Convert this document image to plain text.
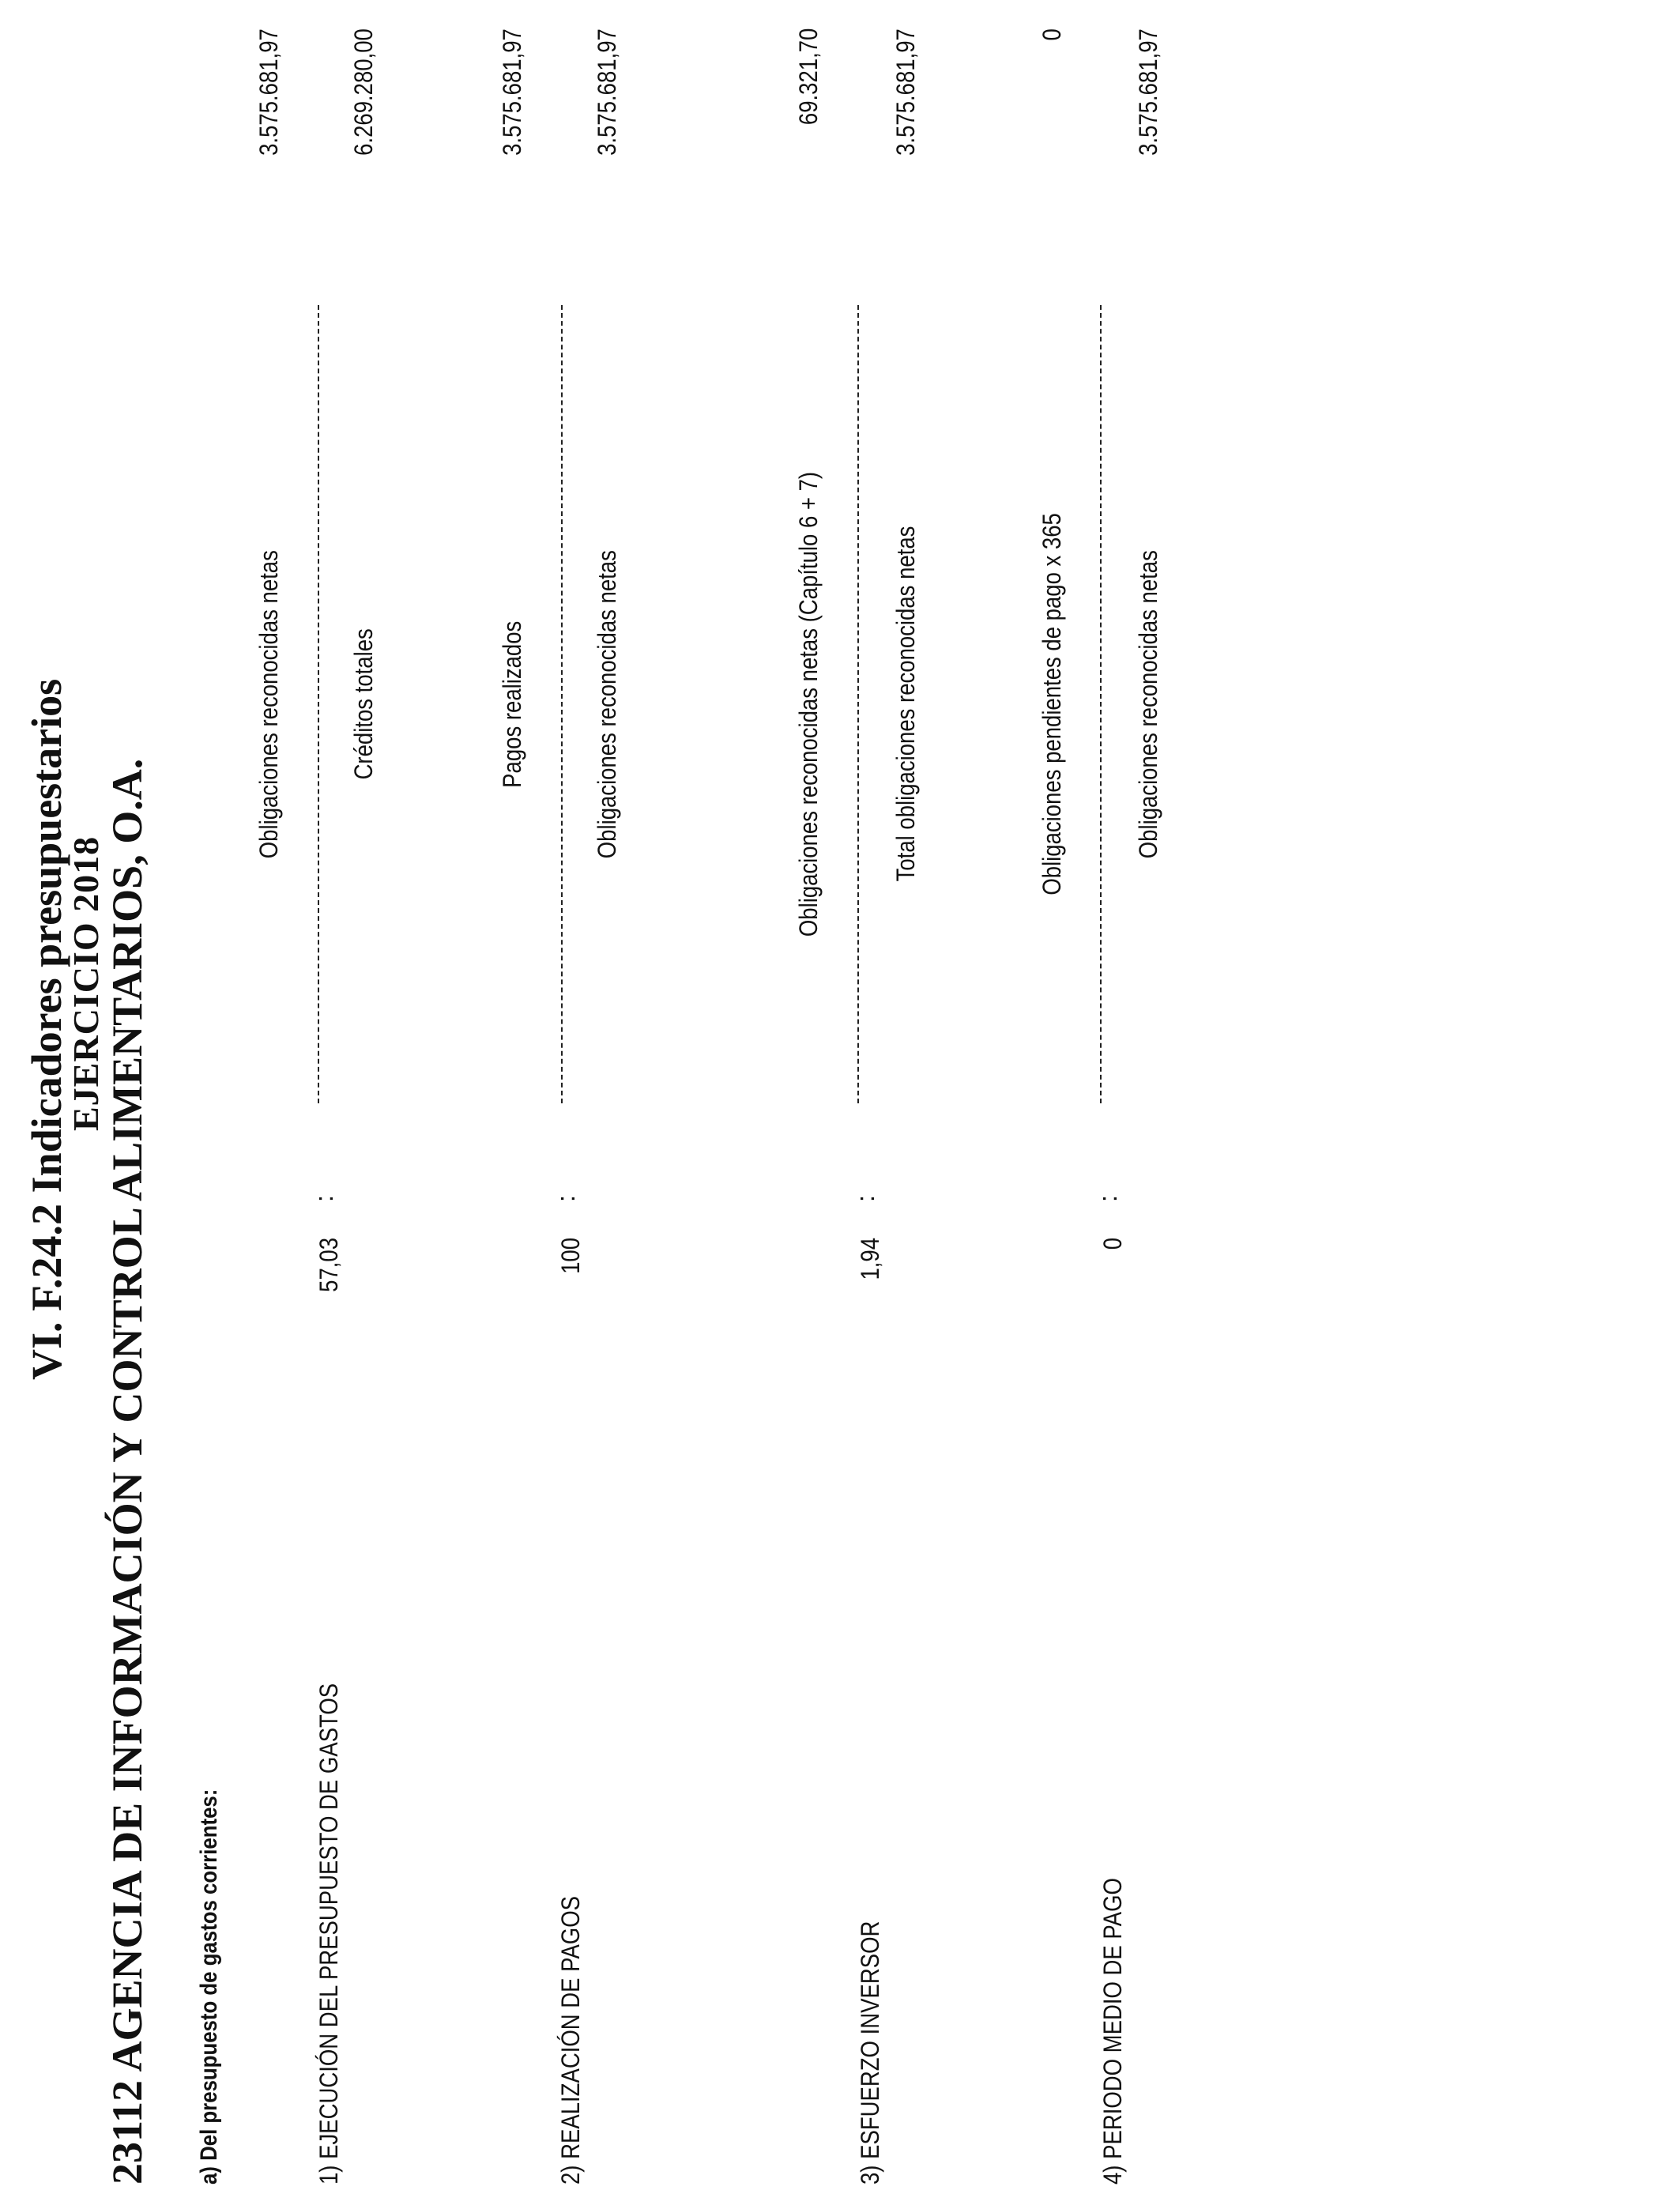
VI. F.24.2 Indicadores presupuestarios
EJERCICIO 2018
23112 AGENCIA DE INFORMACIÓN Y CONTROL ALIMENTARIOS, O.A. a) Del presupuesto de gastos corrientes:	1) EJECUCIÓN DEL PRESUPUESTO DE GASTOS
57,03
:
Obligaciones reconocidas netas	Créditos totales
3.575.681,97	6.269.280,00
2) REALIZACIÓN DE PAGOS
100
:
Pagos realizados	Obligaciones reconocidas netas
3.575.681,97	3.575.681,97
3) ESFUERZO INVERSOR
1,94
:
Obligaciones reconocidas netas (Capítulo 6 + 7)	Total obligaciones reconocidas netas
69.321,70	3.575.681,97
4) PERIODO MEDIO DE PAGO
0
:
Obligaciones pendientes de pago x 365	Obligaciones reconocidas netas
0	3.575.681,97
